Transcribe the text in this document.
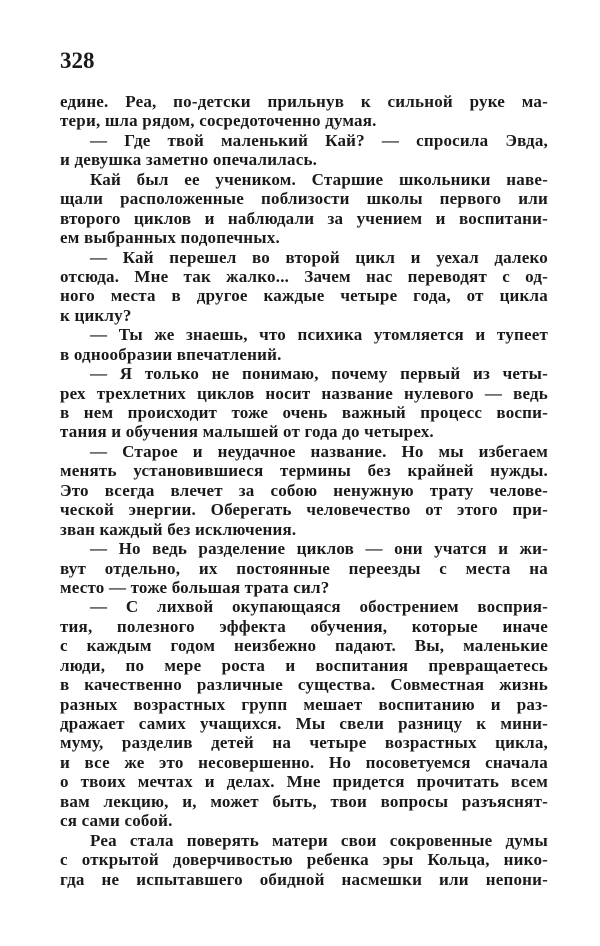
328
едине. Реа, по-детски прильнув к сильной руке ма-
тери, шла рядом, сосредоточенно думая.
— Где твой маленький Кай? — спросила Эвда,
и девушка заметно опечалилась.
Кай был ее учеником. Старшие школьники наве-
щали расположенные поблизости школы первого или
второго циклов и наблюдали за учением и воспитани-
ем выбранных подопечных.
— Кай перешел во второй цикл и уехал далеко
отсюда. Мне так жалко... Зачем нас переводят с од-
ного места в другое каждые четыре года, от цикла
к циклу?
— Ты же знаешь, что психика утомляется и тупеет
в однообразии впечатлений.
— Я только не понимаю, почему первый из четы-
рех трехлетних циклов носит название нулевого — ведь
в нем происходит тоже очень важный процесс воспи-
тания и обучения малышей от года до четырех.
— Старое и неудачное название. Но мы избегаем
менять установившиеся термины без крайней нужды.
Это всегда влечет за собою ненужную трату челове-
ческой энергии. Оберегать человечество от этого при-
зван каждый без исключения.
— Но ведь разделение циклов — они учатся и жи-
вут отдельно, их постоянные переезды с места на
место — тоже большая трата сил?
— С лихвой окупающаяся обострением восприя-
тия, полезного эффекта обучения, которые иначе
с каждым годом неизбежно падают. Вы, маленькие
люди, по мере роста и воспитания превращаетесь
в качественно различные существа. Совместная жизнь
разных возрастных групп мешает воспитанию и раз-
дражает самих учащихся. Мы свели разницу к мини-
муму, разделив детей на четыре возрастных цикла,
и все же это несовершенно. Но посоветуемся сначала
о твоих мечтах и делах. Мне придется прочитать всем
вам лекцию, и, может быть, твои вопросы разъяснят-
ся сами собой.
Реа стала поверять матери свои сокровенные думы
с открытой доверчивостью ребенка эры Кольца, нико-
гда не испытавшего обидной насмешки или непони-
